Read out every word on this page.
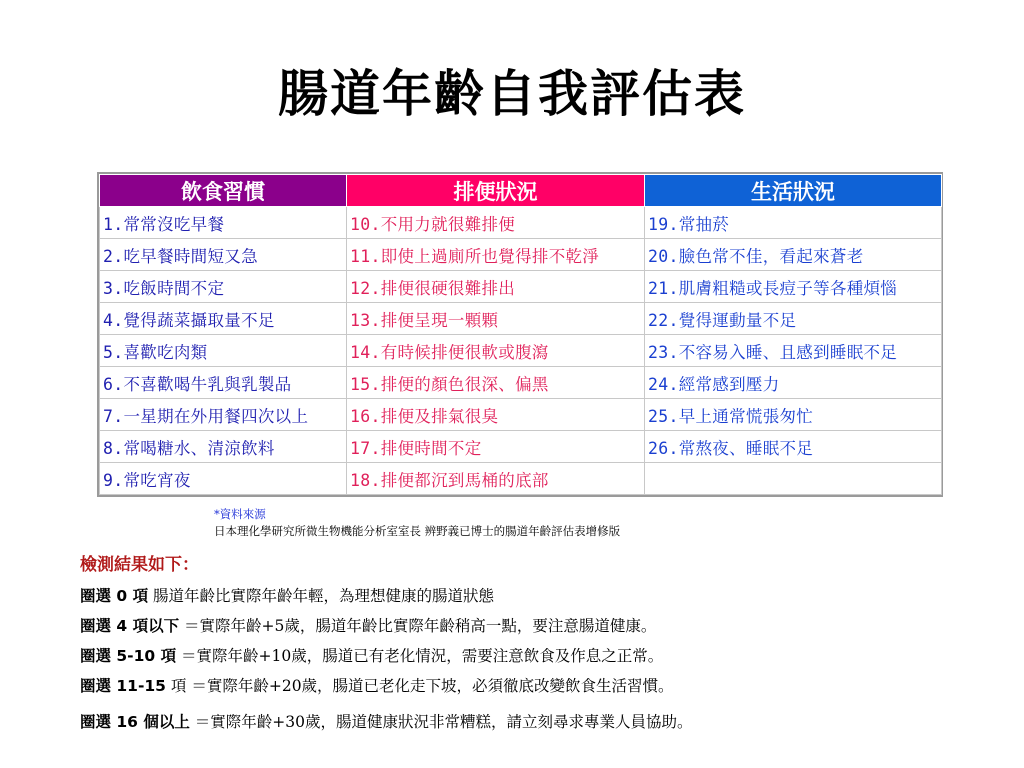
腸道年齡自我評估表
飲食習慣	排便狀況	生活狀況
1.常常沒吃早餐	10.不用力就很難排便	19.常抽菸
2.吃早餐時間短又急	11.即使上過廁所也覺得排不乾淨	20.臉色常不佳，看起來蒼老
3.吃飯時間不定	12.排便很硬很難排出	21.肌膚粗糙或長痘子等各種煩惱
4.覺得蔬菜攝取量不足	13.排便呈現一顆顆	22.覺得運動量不足
5.喜歡吃肉類	14.有時候排便很軟或腹瀉	23.不容易入睡、且感到睡眠不足
6.不喜歡喝牛乳與乳製品	15.排便的顏色很深、偏黑	24.經常感到壓力
7.一星期在外用餐四次以上	16.排便及排氣很臭	25.早上通常慌張匆忙
8.常喝糖水、清涼飲料	17.排便時間不定	26.常熬夜、睡眠不足
9.常吃宵夜	18.排便都沉到馬桶的底部	
*資料來源
日本理化學研究所微生物機能分析室室長 辨野義已博士的腸道年齡評估表增修版
檢測結果如下：
圈選 0 項 腸道年齡比實際年齡年輕，為理想健康的腸道狀態
圈選 4 項以下 ＝實際年齡+5歲，腸道年齡比實際年齡稍高一點，要注意腸道健康。
圈選 5-10 項 ＝實際年齡+10歲，腸道已有老化情況，需要注意飲食及作息之正常。
圈選 11-15 項 ＝實際年齡+20歲，腸道已老化走下坡，必須徹底改變飲食生活習慣。
圈選 16 個以上 ＝實際年齡+30歲，腸道健康狀況非常糟糕，請立刻尋求專業人員協助。
